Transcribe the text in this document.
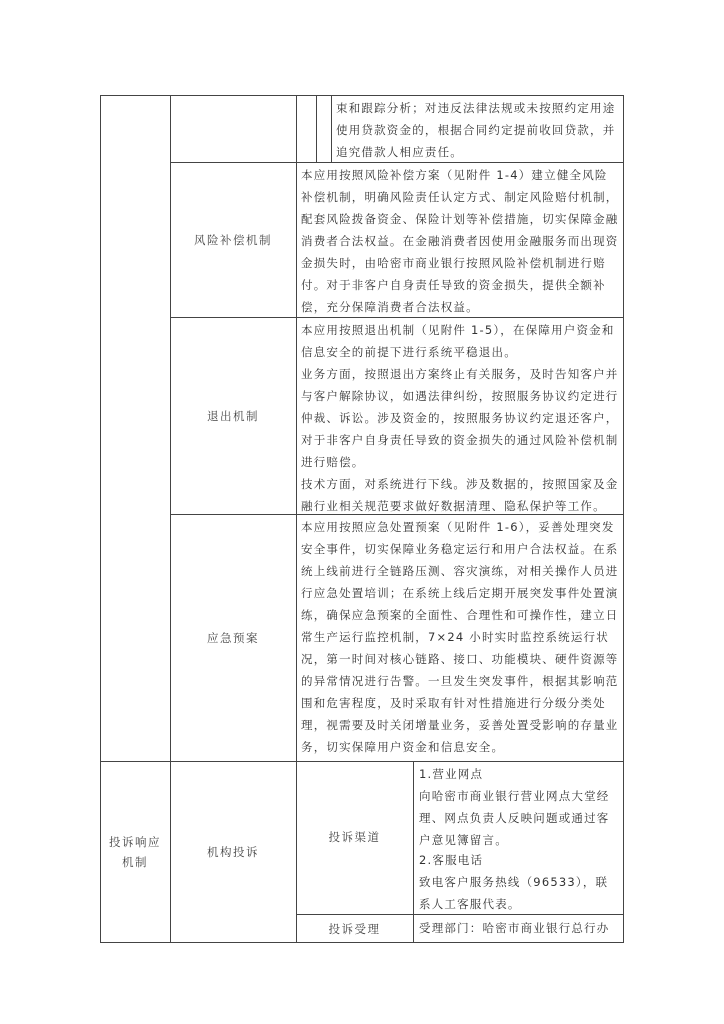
束和跟踪分析；对违反法律法规或未按照约定用途使用贷款资金的，根据合同约定提前收回贷款，并追究借款人相应责任。
风险补偿机制
本应用按照风险补偿方案（见附件 1-4）建立健全风险补偿机制，明确风险责任认定方式、制定风险赔付机制，配套风险拨备资金、保险计划等补偿措施，切实保障金融消费者合法权益。在金融消费者因使用金融服务而出现资金损失时，由哈密市商业银行按照风险补偿机制进行赔付。对于非客户自身责任导致的资金损失，提供全额补偿，充分保障消费者合法权益。
退出机制
本应用按照退出机制（见附件 1-5），在保障用户资金和信息安全的前提下进行系统平稳退出。
业务方面，按照退出方案终止有关服务，及时告知客户并与客户解除协议，如遇法律纠纷，按照服务协议约定进行仲裁、诉讼。涉及资金的，按照服务协议约定退还客户，对于非客户自身责任导致的资金损失的通过风险补偿机制进行赔偿。
技术方面，对系统进行下线。涉及数据的，按照国家及金融行业相关规范要求做好数据清理、隐私保护等工作。
应急预案
本应用按照应急处置预案（见附件 1-6），妥善处理突发安全事件，切实保障业务稳定运行和用户合法权益。在系统上线前进行全链路压测、容灾演练，对相关操作人员进行应急处置培训；在系统上线后定期开展突发事件处置演练，确保应急预案的全面性、合理性和可操作性，建立日常生产运行监控机制，7×24 小时实时监控系统运行状况，第一时间对核心链路、接口、功能模块、硬件资源等的异常情况进行告警。一旦发生突发事件，根据其影响范围和危害程度，及时采取有针对性措施进行分级分类处理，视需要及时关闭增量业务，妥善处置受影响的存量业务，切实保障用户资金和信息安全。
投诉响应机制
机构投诉
投诉渠道
1.营业网点
向哈密市商业银行营业网点大堂经理、网点负责人反映问题或通过客户意见簿留言。
2.客服电话
致电客户服务热线（96533），联系人工客服代表。
投诉受理	受理部门：哈密市商业银行总行办
